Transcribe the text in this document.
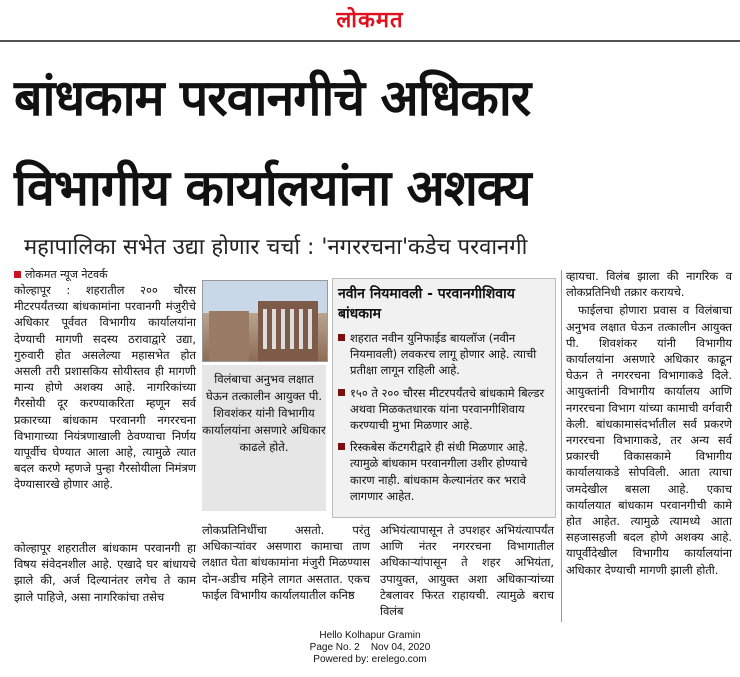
लोकमत
बांधकाम परवानगीचे अधिकार
विभागीय कार्यालयांना अशक्य
महापालिका सभेत उद्या होणार चर्चा : 'नगररचना'कडेच परवानगी
लोकमत न्यूज नेटवर्क

कोल्हापूर : शहरातील २०० चौरस मीटरपर्यंतच्या बांधकामांना परवानगी मंजुरीचे अधिकार पूर्ववत विभागीय कार्यालयांना देण्याची मागणी सदस्य ठरावाद्वारे उद्या, गुरुवारी होत असलेल्या महासभेत होत असली तरी प्रशासकिय सोयीस्तव ही मागणी मान्य होणे अशक्य आहे. नागरिकांच्या गैरसोयी दूर करण्याकरिता म्हणून सर्व प्रकारच्या बांधकाम परवानगी नगररचना विभागाच्या नियंत्रणाखाली ठेवण्याचा निर्णय यापूर्वीच घेण्यात आला आहे, त्यामुळे त्यात बदल करणे म्हणजे पुन्हा गैरसोयीला निमंत्रण देण्यासारखे होणार आहे.

कोल्हापूर शहरातील बांधकाम परवानगी हा विषय संवेदनशील आहे. एखादे घर बांधायचे झाले की, अर्ज दिल्यानंतर लगेच ते काम झाले पाहिजे, असा नागरिकांचा तसेच

विलंबाचा अनुभव लक्षात घेऊन तत्कालीन आयुक्त पी. शिवशंकर यांनी विभागीय कार्यालयांना असणारे अधिकार काढले होते.
नवीन नियमावली - परवानगीशिवाय बांधकाम
शहरात नवीन युनिफाईड बायलॉज (नवीन नियमावली) लवकरच लागू होणार आहे. त्याची प्रतीक्षा लागून राहिली आहे.
१५० ते २०० चौरस मीटरपर्यंतचे बांधकामे बिल्डर अथवा मिळकतधारक यांना परवानगीशिवाय करण्याची मुभा मिळणार आहे.
रिस्कबेस कॅटगरीद्वारे ही संधी मिळणार आहे. त्यामुळे बांधकाम परवानगीला उशीर होण्याचे कारण नाही. बांधकाम केल्यानंतर कर भरावे लागणार आहेत.

लोकप्रतिनिधींचा असतो. परंतु अधिकाऱ्यांवर असणारा कामाचा ताण लक्षात घेता बांधकामांना मंजुरी मिळण्यास दोन-अडीच महिने लागत असतात. एकच फाईल विभागीय कार्यालयातील कनिष्ठ

अभियंत्यापासून ते उपशहर अभियंत्यापर्यंत आणि नंतर नगररचना विभागातील अधिकाऱ्यांपासून ते शहर अभियंता, उपायुक्त, आयुक्त अशा अधिकाऱ्यांच्या टेबलावर फिरत राहायची. त्यामुळे बराच विलंब

व्हायचा. विलंब झाला की नागरिक व लोकप्रतिनिधी तक्रार करायचे.

फाईलचा होणारा प्रवास व विलंबाचा अनुभव लक्षात घेऊन तत्कालीन आयुक्त पी. शिवशंकर यांनी विभागीय कार्यालयांना असणारे अधिकार काढून घेऊन ते नगररचना विभागाकडे दिले. आयुक्तांनी विभागीय कार्यालय आणि नगररचना विभाग यांच्या कामाची वर्गवारी केली. बांधकामासंदर्भातील सर्व प्रकरणे नगररचना विभागाकडे, तर अन्य सर्व प्रकारची विकासकामे विभागीय कार्यालयाकडे सोपविली. आता त्याचा जमदेखील बसला आहे. एकाच कार्यालयात बांधकाम परवानगीची कामे होत आहेत. त्यामुळे त्यामध्ये आता सहजासहजी बदल होणे अशक्य आहे. यापूर्वीदेखील विभागीय कार्यालयांना अधिकार देण्याची मागणी झाली होती.

Hello Kolhapur Gramin
Page No. 2    Nov 04, 2020
Powered by: erelego.com
